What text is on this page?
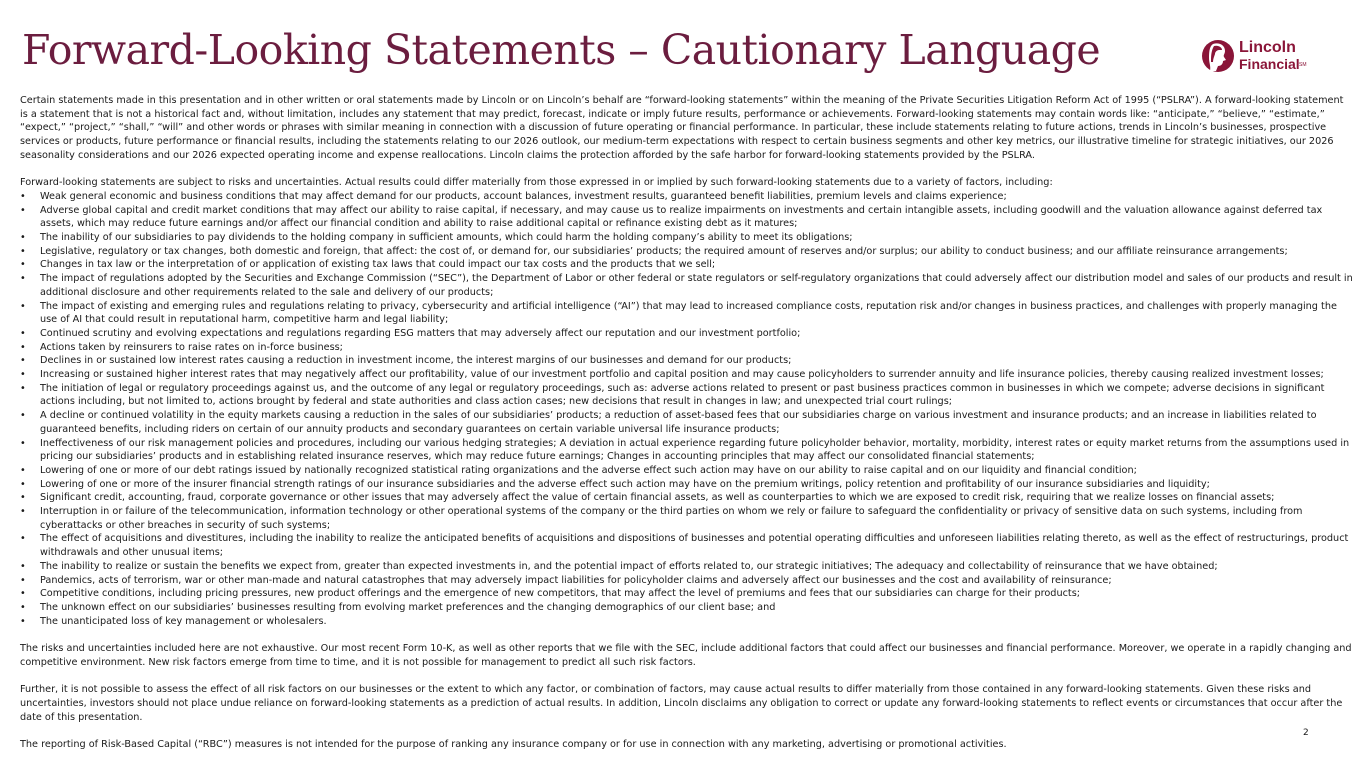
Forward-Looking Statements – Cautionary Language	Lincoln
Financial SM

Certain statements made in this presentation and in other written or oral statements made by Lincoln or on Lincoln’s behalf are “forward-looking statements” within the meaning of the Private Securities Litigation Reform Act of 1995 (“PSLRA”). A forward-looking statement is a statement that is not a historical fact and, without limitation, includes any statement that may predict, forecast, indicate or imply future results, performance or achievements. Forward-looking statements may contain words like: “anticipate,” “believe,” “estimate,” “expect,” “project,” “shall,” “will” and other words or phrases with similar meaning in connection with a discussion of future operating or financial performance. In particular, these include statements relating to future actions, trends in Lincoln’s businesses, prospective services or products, future performance or financial results, including the statements relating to our 2026 outlook, our medium-term expectations with respect to certain business segments and other key metrics, our illustrative timeline for strategic initiatives, our 2026 seasonality considerations and our 2026 expected operating income and expense reallocations. Lincoln claims the protection afforded by the safe harbor for forward-looking statements provided by the PSLRA.

Forward-looking statements are subject to risks and uncertainties. Actual results could differ materially from those expressed in or implied by such forward-looking statements due to a variety of factors, including:

• Weak general economic and business conditions that may affect demand for our products, account balances, investment results, guaranteed benefit liabilities, premium levels and claims experience;
• Adverse global capital and credit market conditions that may affect our ability to raise capital, if necessary, and may cause us to realize impairments on investments and certain intangible assets, including goodwill and the valuation allowance against deferred tax assets, which may reduce future earnings and/or affect our financial condition and ability to raise additional capital or refinance existing debt as it matures;
• The inability of our subsidiaries to pay dividends to the holding company in sufficient amounts, which could harm the holding company’s ability to meet its obligations;
• Legislative, regulatory or tax changes, both domestic and foreign, that affect: the cost of, or demand for, our subsidiaries’ products; the required amount of reserves and/or surplus; our ability to conduct business; and our affiliate reinsurance arrangements;
• Changes in tax law or the interpretation of or application of existing tax laws that could impact our tax costs and the products that we sell;
• The impact of regulations adopted by the Securities and Exchange Commission (“SEC”), the Department of Labor or other federal or state regulators or self-regulatory organizations that could adversely affect our distribution model and sales of our products and result in additional disclosure and other requirements related to the sale and delivery of our products;
• The impact of existing and emerging rules and regulations relating to privacy, cybersecurity and artificial intelligence (“AI”) that may lead to increased compliance costs, reputation risk and/or changes in business practices, and challenges with properly managing the use of AI that could result in reputational harm, competitive harm and legal liability;
• Continued scrutiny and evolving expectations and regulations regarding ESG matters that may adversely affect our reputation and our investment portfolio;
• Actions taken by reinsurers to raise rates on in-force business;
• Declines in or sustained low interest rates causing a reduction in investment income, the interest margins of our businesses and demand for our products;
• Increasing or sustained higher interest rates that may negatively affect our profitability, value of our investment portfolio and capital position and may cause policyholders to surrender annuity and life insurance policies, thereby causing realized investment losses;
• The initiation of legal or regulatory proceedings against us, and the outcome of any legal or regulatory proceedings, such as: adverse actions related to present or past business practices common in businesses in which we compete; adverse decisions in significant actions including, but not limited to, actions brought by federal and state authorities and class action cases; new decisions that result in changes in law; and unexpected trial court rulings;
• A decline or continued volatility in the equity markets causing a reduction in the sales of our subsidiaries’ products; a reduction of asset-based fees that our subsidiaries charge on various investment and insurance products; and an increase in liabilities related to guaranteed benefits, including riders on certain of our annuity products and secondary guarantees on certain variable universal life insurance products;
• Ineffectiveness of our risk management policies and procedures, including our various hedging strategies; A deviation in actual experience regarding future policyholder behavior, mortality, morbidity, interest rates or equity market returns from the assumptions used in pricing our subsidiaries’ products and in establishing related insurance reserves, which may reduce future earnings; Changes in accounting principles that may affect our consolidated financial statements;
• Lowering of one or more of our debt ratings issued by nationally recognized statistical rating organizations and the adverse effect such action may have on our ability to raise capital and on our liquidity and financial condition;
• Lowering of one or more of the insurer financial strength ratings of our insurance subsidiaries and the adverse effect such action may have on the premium writings, policy retention and profitability of our insurance subsidiaries and liquidity;
• Significant credit, accounting, fraud, corporate governance or other issues that may adversely affect the value of certain financial assets, as well as counterparties to which we are exposed to credit risk, requiring that we realize losses on financial assets;
• Interruption in or failure of the telecommunication, information technology or other operational systems of the company or the third parties on whom we rely or failure to safeguard the confidentiality or privacy of sensitive data on such systems, including from cyberattacks or other breaches in security of such systems;
• The effect of acquisitions and divestitures, including the inability to realize the anticipated benefits of acquisitions and dispositions of businesses and potential operating difficulties and unforeseen liabilities relating thereto, as well as the effect of restructurings, product withdrawals and other unusual items;
• The inability to realize or sustain the benefits we expect from, greater than expected investments in, and the potential impact of efforts related to, our strategic initiatives; The adequacy and collectability of reinsurance that we have obtained;
• Pandemics, acts of terrorism, war or other man-made and natural catastrophes that may adversely impact liabilities for policyholder claims and adversely affect our businesses and the cost and availability of reinsurance;
• Competitive conditions, including pricing pressures, new product offerings and the emergence of new competitors, that may affect the level of premiums and fees that our subsidiaries can charge for their products;
• The unknown effect on our subsidiaries’ businesses resulting from evolving market preferences and the changing demographics of our client base; and
• The unanticipated loss of key management or wholesalers.

The risks and uncertainties included here are not exhaustive. Our most recent Form 10-K, as well as other reports that we file with the SEC, include additional factors that could affect our businesses and financial performance. Moreover, we operate in a rapidly changing and competitive environment. New risk factors emerge from time to time, and it is not possible for management to predict all such risk factors.

Further, it is not possible to assess the effect of all risk factors on our businesses or the extent to which any factor, or combination of factors, may cause actual results to differ materially from those contained in any forward-looking statements. Given these risks and uncertainties, investors should not place undue reliance on forward-looking statements as a prediction of actual results. In addition, Lincoln disclaims any obligation to correct or update any forward-looking statements to reflect events or circumstances that occur after the date of this presentation.

The reporting of Risk-Based Capital (“RBC”) measures is not intended for the purpose of ranking any insurance company or for use in connection with any marketing, advertising or promotional activities.

2
